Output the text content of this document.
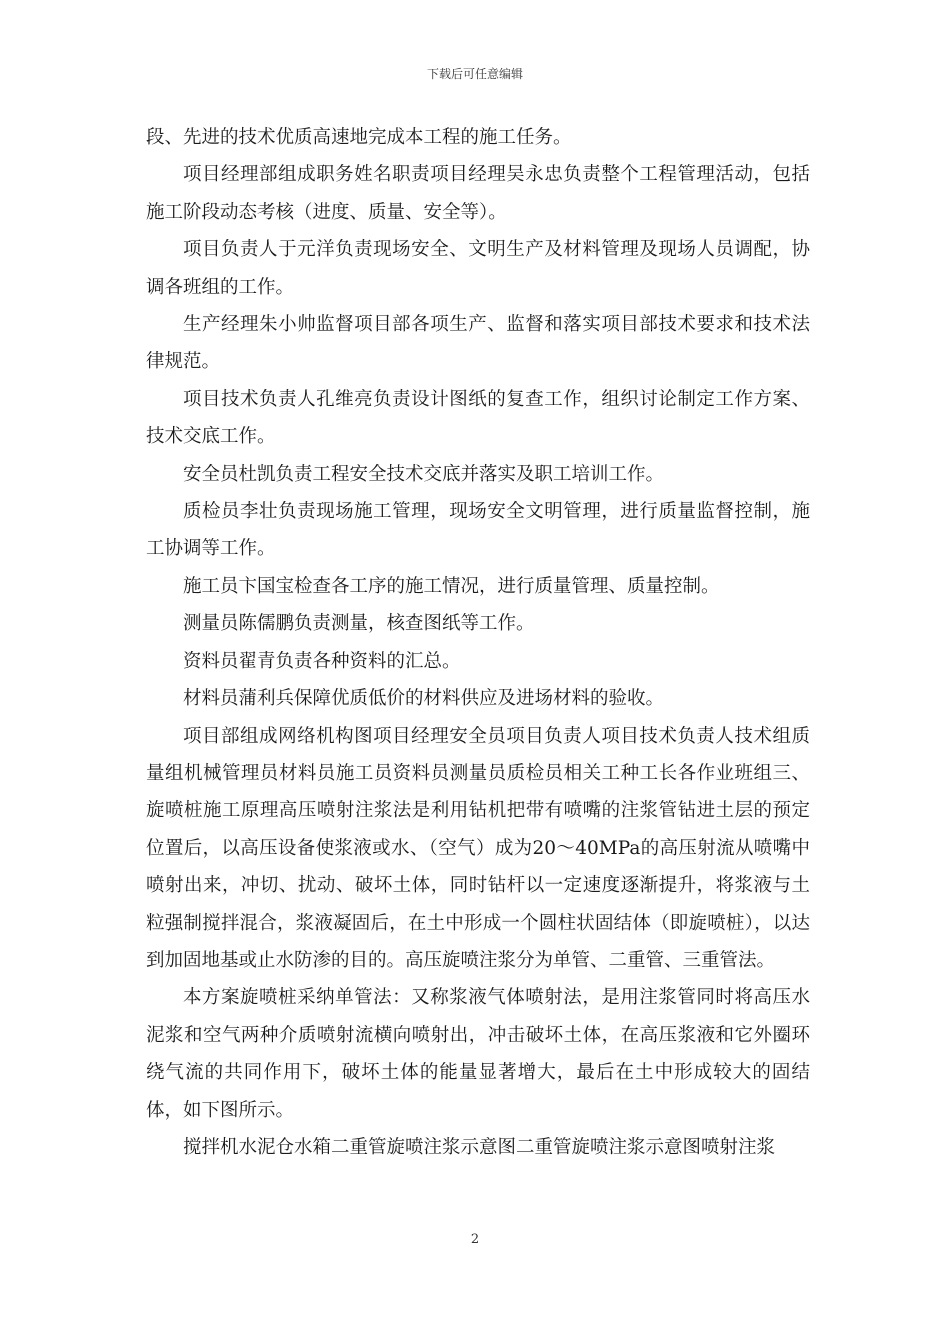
下载后可任意编辑

段、先进的技术优质高速地完成本工程的施工任务。

项目经理部组成职务姓名职责项目经理吴永忠负责整个工程管理活动，包括施工阶段动态考核（进度、质量、安全等）。

项目负责人于元洋负责现场安全、文明生产及材料管理及现场人员调配，协调各班组的工作。

生产经理朱小帅监督项目部各项生产、监督和落实项目部技术要求和技术法律规范。

项目技术负责人孔维亮负责设计图纸的复查工作，组织讨论制定工作方案、技术交底工作。

安全员杜凯负责工程安全技术交底并落实及职工培训工作。

质检员李壮负责现场施工管理，现场安全文明管理，进行质量监督控制，施工协调等工作。

施工员卞国宝检查各工序的施工情况，进行质量管理、质量控制。

测量员陈儒鹏负责测量，核查图纸等工作。

资料员翟青负责各种资料的汇总。

材料员蒲利兵保障优质低价的材料供应及进场材料的验收。

项目部组成网络机构图项目经理安全员项目负责人项目技术负责人技术组质量组机械管理员材料员施工员资料员测量员质检员相关工种工长各作业班组三、旋喷桩施工原理高压喷射注浆法是利用钻机把带有喷嘴的注浆管钻进土层的预定位置后，以高压设备使浆液或水、（空气）成为20～40MPa的高压射流从喷嘴中喷射出来，冲切、扰动、破坏土体，同时钻杆以一定速度逐渐提升，将浆液与土粒强制搅拌混合，浆液凝固后，在土中形成一个圆柱状固结体（即旋喷桩），以达到加固地基或止水防渗的目的。高压旋喷注浆分为单管、二重管、三重管法。

本方案旋喷桩采纳单管法：又称浆液气体喷射法，是用注浆管同时将高压水泥浆和空气两种介质喷射流横向喷射出，冲击破坏土体，在高压浆液和它外圈环绕气流的共同作用下，破坏土体的能量显著增大，最后在土中形成较大的固结体，如下图所示。

搅拌机水泥仓水箱二重管旋喷注浆示意图二重管旋喷注浆示意图喷射注浆

2
